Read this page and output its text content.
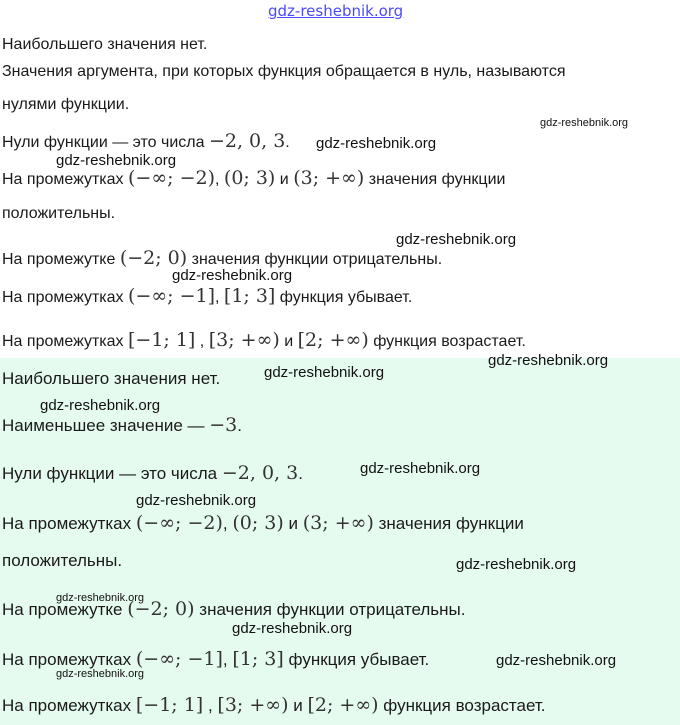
gdz-reshebnik.org
Наибольшего значения нет.
Значения аргумента, при которых функция обращается в нуль, называются
нулями функции.
Нули функции — это числа −2, 0, 3.
На промежутках (−∞; −2), (0; 3) и (3; +∞) значения функции
положительны.
На промежутке (−2; 0) значения функции отрицательны.
На промежутках (−∞; −1], [1; 3] функция убывает.
На промежутках [−1; 1] , [3; +∞) и [2; +∞) функция возрастает.
Наибольшего значения нет.
Наименьшее значение — −3.
Нули функции — это числа −2, 0, 3.
На промежутках (−∞; −2), (0; 3) и (3; +∞) значения функции
положительны.
На промежутке (−2; 0) значения функции отрицательны.
На промежутках (−∞; −1], [1; 3] функция убывает.
На промежутках [−1; 1] , [3; +∞) и [2; +∞) функция возрастает.
gdz-reshebnik.org
gdz-reshebnik.org
gdz-reshebnik.org
gdz-reshebnik.org
gdz-reshebnik.org
gdz-reshebnik.org
gdz-reshebnik.org
gdz-reshebnik.org
gdz-reshebnik.org
gdz-reshebnik.org
gdz-reshebnik.org
gdz-reshebnik.org
gdz-reshebnik.org
gdz-reshebnik.org
gdz-reshebnik.org
